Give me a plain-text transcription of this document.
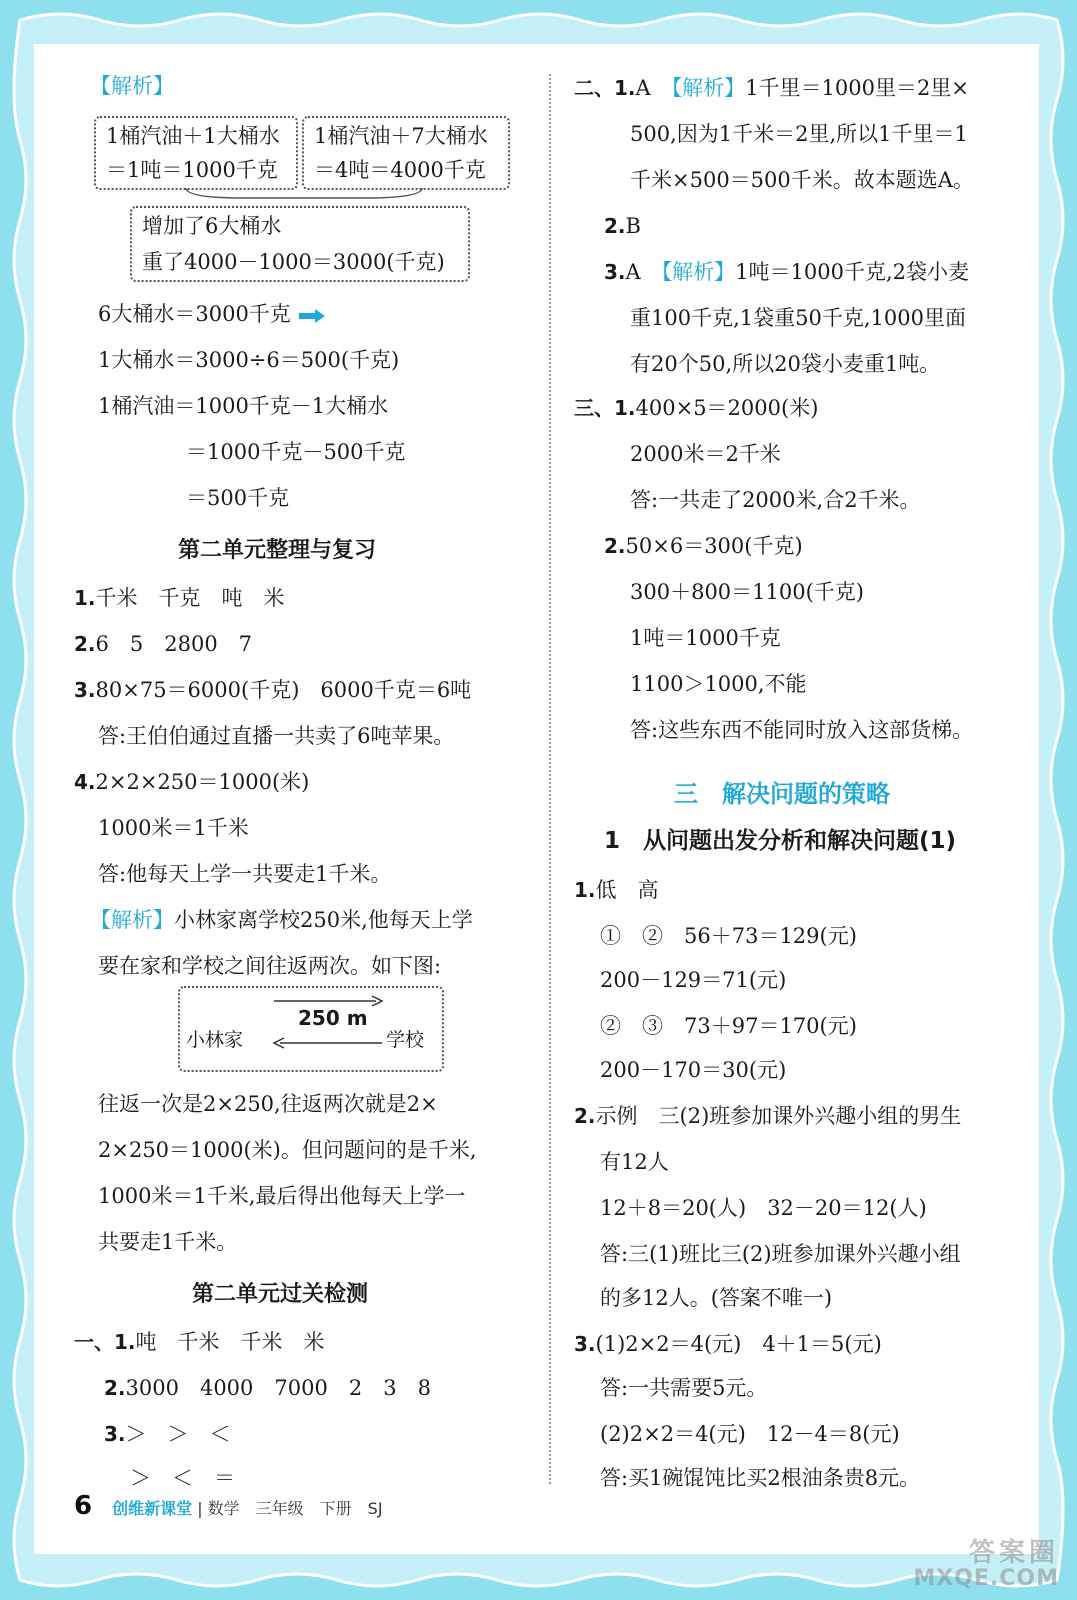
【解析】
1桶汽油＋1大桶水
＝1吨＝1000千克
1桶汽油＋7大桶水
＝4吨＝4000千克
增加了6大桶水
重了4000－1000＝3000(千克)
6大桶水＝3000千克
1大桶水＝3000÷6＝500(千克)
1桶汽油＝1000千克－1大桶水
＝1000千克－500千克
＝500千克
第二单元整理与复习
1.千米　千克　吨　米
2.6　5　2800　7
3.80×75＝6000(千克)　6000千克＝6吨
答:王伯伯通过直播一共卖了6吨苹果。
4.2×2×250＝1000(米)
1000米＝1千米
答:他每天上学一共要走1千米。
【解析】小林家离学校250米,他每天上学
要在家和学校之间往返两次。如下图:
小林家
250 m
学校
往返一次是2×250,往返两次就是2×
2×250＝1000(米)。但问题问的是千米,
1000米＝1千米,最后得出他每天上学一
共要走1千米。
第二单元过关检测
一、1.吨　千米　千米　米
2.3000　4000　7000　2　3　8
3.＞　＞　＜
＞　＜　＝
二、1.A　 【解析】1千里＝1000里＝2里×
500,因为1千米＝2里,所以1千里＝1
千米×500＝500千米。故本题选A。
2.B
3.A　 【解析】1吨＝1000千克,2袋小麦
重100千克,1袋重50千克,1000里面
有20个50,所以20袋小麦重1吨。
三、1.400×5＝2000(米)
2000米＝2千米
答:一共走了2000米,合2千米。
2.50×6＝300(千克)
300＋800＝1100(千克)
1吨＝1000千克
1100＞1000,不能
答:这些东西不能同时放入这部货梯。
三　解决问题的策略
1　从问题出发分析和解决问题(1)
1.低　高
①　②　56＋73＝129(元)
200－129＝71(元)
②　③　73＋97＝170(元)
200－170＝30(元)
2.示例　三(2)班参加课外兴趣小组的男生
有12人
12＋8＝20(人)　32－20＝12(人)
答:三(1)班比三(2)班参加课外兴趣小组
的多12人。(答案不唯一)
3.(1)2×2＝4(元)　4＋1＝5(元)
答:一共需要5元。
(2)2×2＝4(元)　12－4＝8(元)
答:买1碗馄饨比买2根油条贵8元。
6 创维新课堂 | 数学　三年级　下册　SJ
答案圈
MXQE.COM
